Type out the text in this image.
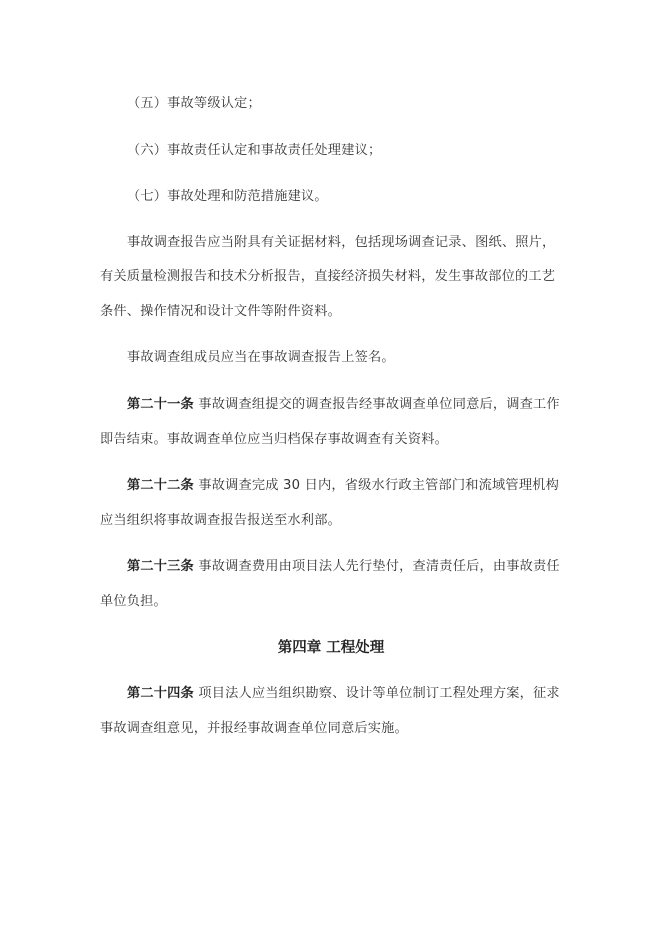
（五）事故等级认定；
（六）事故责任认定和事故责任处理建议；
（七）事故处理和防范措施建议。
事故调查报告应当附具有关证据材料，包括现场调查记录、图纸、照片，
有关质量检测报告和技术分析报告，直接经济损失材料，发生事故部位的工艺
条件、操作情况和设计文件等附件资料。
事故调查组成员应当在事故调查报告上签名。
第二十一条 事故调查组提交的调查报告经事故调查单位同意后，调查工作
即告结束。事故调查单位应当归档保存事故调查有关资料。
第二十二条 事故调查完成 30 日内，省级水行政主管部门和流域管理机构
应当组织将事故调查报告报送至水利部。
第二十三条 事故调查费用由项目法人先行垫付，查清责任后，由事故责任
单位负担。
第四章 工程处理
第二十四条 项目法人应当组织勘察、设计等单位制订工程处理方案，征求
事故调查组意见，并报经事故调查单位同意后实施。
